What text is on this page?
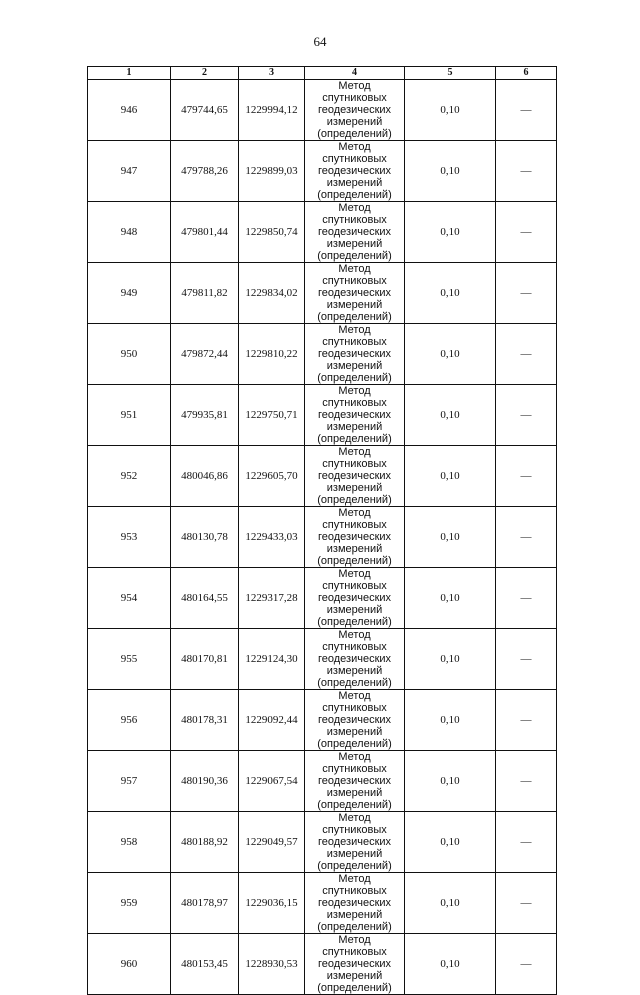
64
1	2	3	4	5	6
946	479744,65	1229994,12	Метод спутниковых
геодезических
измерений
(определений)	0,10	—
947	479788,26	1229899,03	Метод спутниковых
геодезических
измерений
(определений)	0,10	—
948	479801,44	1229850,74	Метод спутниковых
геодезических
измерений
(определений)	0,10	—
949	479811,82	1229834,02	Метод спутниковых
геодезических
измерений
(определений)	0,10	—
950	479872,44	1229810,22	Метод спутниковых
геодезических
измерений
(определений)	0,10	—
951	479935,81	1229750,71	Метод спутниковых
геодезических
измерений
(определений)	0,10	—
952	480046,86	1229605,70	Метод спутниковых
геодезических
измерений
(определений)	0,10	—
953	480130,78	1229433,03	Метод спутниковых
геодезических
измерений
(определений)	0,10	—
954	480164,55	1229317,28	Метод спутниковых
геодезических
измерений
(определений)	0,10	—
955	480170,81	1229124,30	Метод спутниковых
геодезических
измерений
(определений)	0,10	—
956	480178,31	1229092,44	Метод спутниковых
геодезических
измерений
(определений)	0,10	—
957	480190,36	1229067,54	Метод спутниковых
геодезических
измерений
(определений)	0,10	—
958	480188,92	1229049,57	Метод спутниковых
геодезических
измерений
(определений)	0,10	—
959	480178,97	1229036,15	Метод спутниковых
геодезических
измерений
(определений)	0,10	—
960	480153,45	1228930,53	Метод спутниковых
геодезических
измерений
(определений)	0,10	—
